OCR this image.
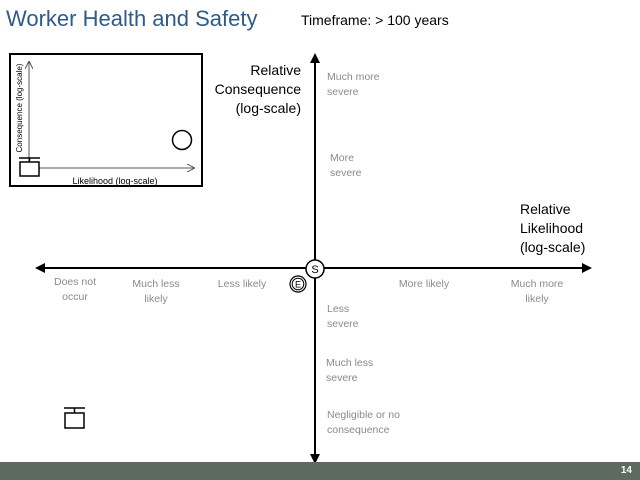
Worker Health and Safety	Timeframe: > 100 years
S
E
Consequence (log-scale)
Likelihood (log-scale)
Relative
Consequence
(log-scale)
Relative
Likelihood
(log-scale)
Much more
severe
More
severe
Less
severe
Much less
severe
Negligible or no
consequence
Does not
occur
Much less
likely
Less likely	More likely	Much more
likely
14
